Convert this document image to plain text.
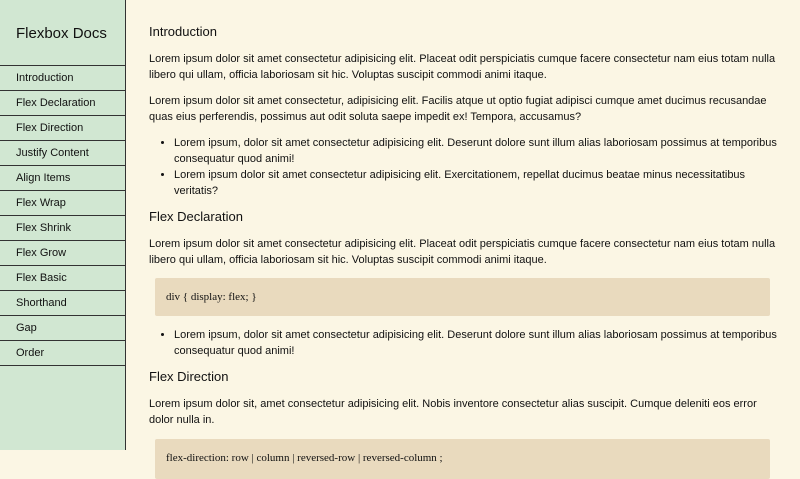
Flexbox Docs
Introduction
Flex Declaration
Flex Direction
Justify Content
Align Items
Flex Wrap
Flex Shrink
Flex Grow
Flex Basic
Shorthand
Gap
Order
Introduction

Lorem ipsum dolor sit amet consectetur adipisicing elit. Placeat odit perspiciatis cumque facere consectetur nam eius totam nulla libero qui ullam, officia laboriosam sit hic. Voluptas suscipit commodi animi itaque.

Lorem ipsum dolor sit amet consectetur, adipisicing elit. Facilis atque ut optio fugiat adipisci cumque amet ducimus recusandae quas eius perferendis, possimus aut odit soluta saepe impedit ex! Tempora, accusamus?

• Lorem ipsum, dolor sit amet consectetur adipisicing elit. Deserunt dolore sunt illum alias laboriosam possimus at temporibus consequatur quod animi!
• Lorem ipsum dolor sit amet consectetur adipisicing elit. Exercitationem, repellat ducimus beatae minus necessitatibus veritatis?
Flex Declaration

Lorem ipsum dolor sit amet consectetur adipisicing elit. Placeat odit perspiciatis cumque facere consectetur nam eius totam nulla libero qui ullam, officia laboriosam sit hic. Voluptas suscipit commodi animi itaque.

div { display: flex; }
• Lorem ipsum, dolor sit amet consectetur adipisicing elit. Deserunt dolore sunt illum alias laboriosam possimus at temporibus consequatur quod animi!
Flex Direction

Lorem ipsum dolor sit, amet consectetur adipisicing elit. Nobis inventore consectetur alias suscipit. Cumque deleniti eos error dolor nulla in.

flex-direction: row | column | reversed-row | reversed-column ;
